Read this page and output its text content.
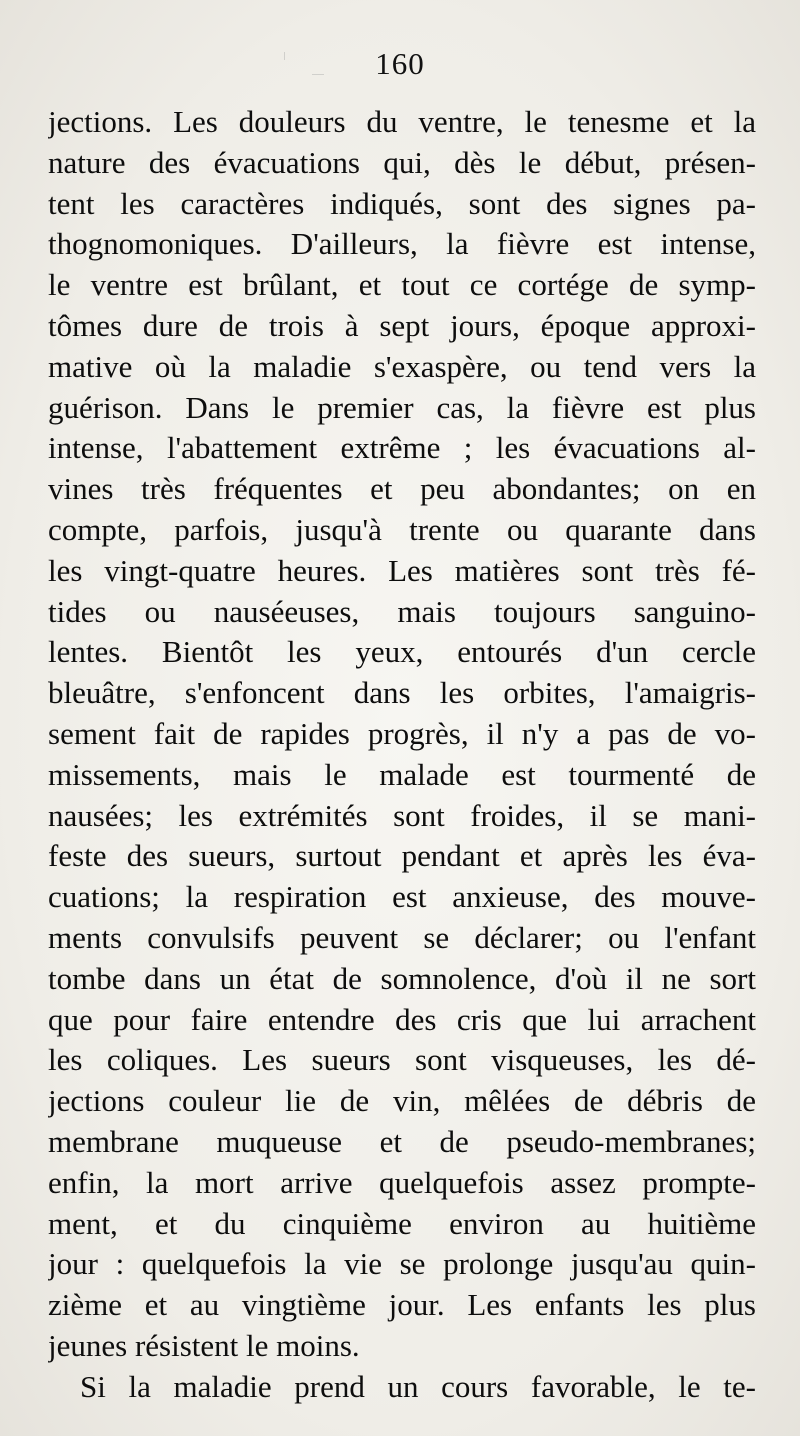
160
jections. Les douleurs du ventre, le tenesme et la
nature des évacuations qui, dès le début, présen-
tent les caractères indiqués, sont des signes pa-
thognomoniques. D'ailleurs, la fièvre est intense,
le ventre est brûlant, et tout ce cortége de symp-
tômes dure de trois à sept jours, époque approxi-
mative où la maladie s'exaspère, ou tend vers la
guérison. Dans le premier cas, la fièvre est plus
intense, l'abattement extrême ; les évacuations al-
vines très fréquentes et peu abondantes; on en
compte, parfois, jusqu'à trente ou quarante dans
les vingt-quatre heures. Les matières sont très fé-
tides ou nauséeuses, mais toujours sanguino-
lentes. Bientôt les yeux, entourés d'un cercle
bleuâtre, s'enfoncent dans les orbites, l'amaigris-
sement fait de rapides progrès, il n'y a pas de vo-
missements, mais le malade est tourmenté de
nausées; les extrémités sont froides, il se mani-
feste des sueurs, surtout pendant et après les éva-
cuations; la respiration est anxieuse, des mouve-
ments convulsifs peuvent se déclarer; ou l'enfant
tombe dans un état de somnolence, d'où il ne sort
que pour faire entendre des cris que lui arrachent
les coliques. Les sueurs sont visqueuses, les dé-
jections couleur lie de vin, mêlées de débris de
membrane muqueuse et de pseudo-membranes;
enfin, la mort arrive quelquefois assez prompte-
ment, et du cinquième environ au huitième
jour : quelquefois la vie se prolonge jusqu'au quin-
zième et au vingtième jour. Les enfants les plus
jeunes résistent le moins.
Si la maladie prend un cours favorable, le te-
